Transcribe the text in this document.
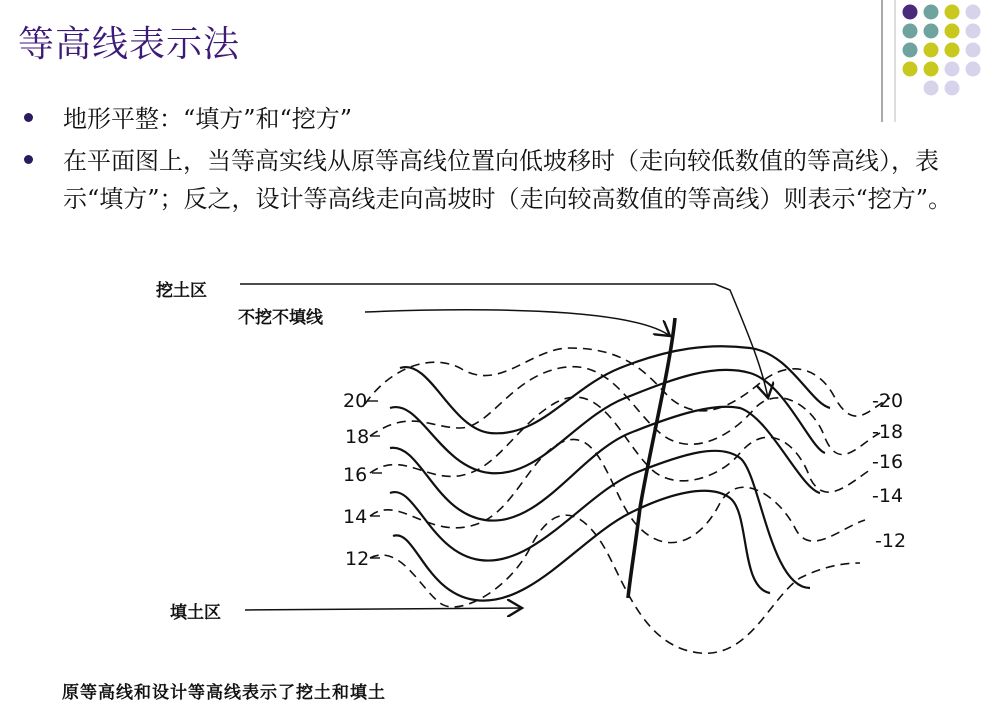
等高线表示法
地形平整：“填方”和“挖方”
在平面图上，当等高实线从原等高线位置向低坡移时（走向较低数值的等高线），表示“填方”；反之，设计等高线走向高坡时（走向较高数值的等高线）则表示“挖方”。
挖土区
不挖不填线
填土区
20
18
16
14
12
-20
-18
-16
-14
-12
原等高线和设计等高线表示了挖土和填土
